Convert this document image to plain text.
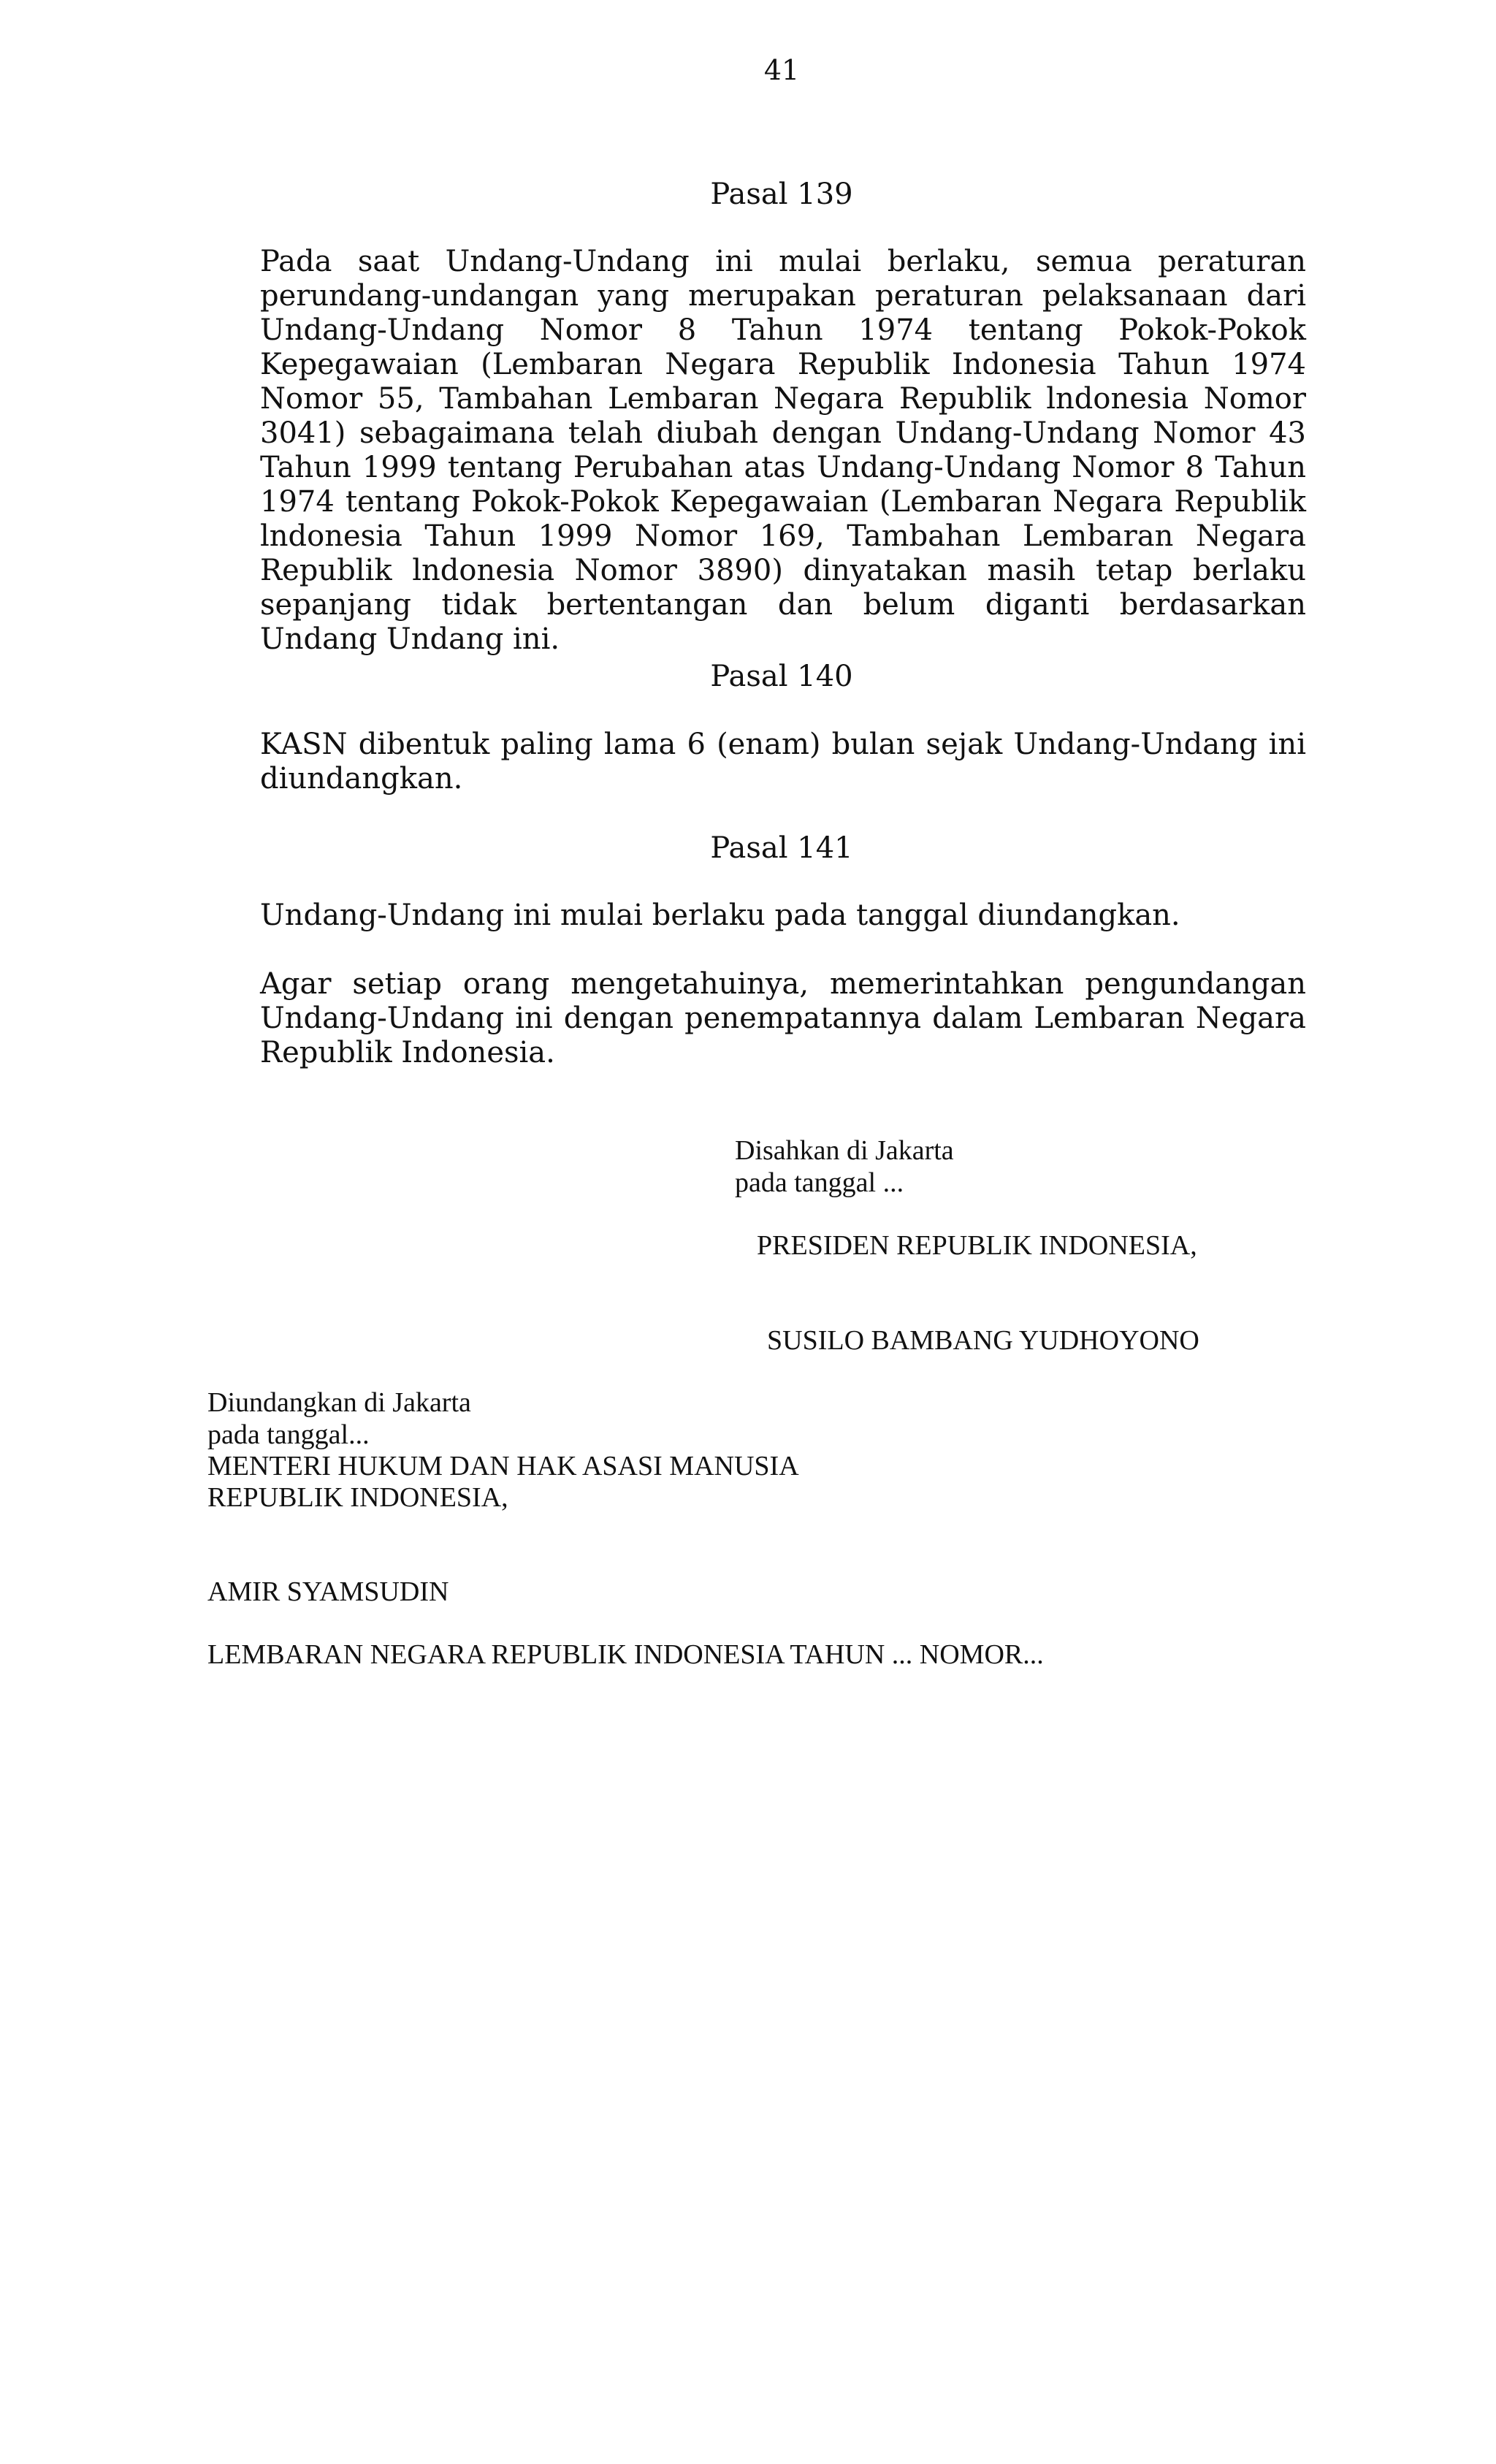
41
Pasal 139

Pada saat Undang-Undang ini mulai berlaku, semua peraturan perundang-undangan yang merupakan peraturan pelaksanaan dari Undang-Undang Nomor 8 Tahun 1974 tentang Pokok-Pokok Kepegawaian (Lembaran Negara Republik Indonesia Tahun 1974 Nomor 55, Tambahan Lembaran Negara Republik lndonesia Nomor 3041) sebagaimana telah diubah dengan Undang-Undang Nomor 43 Tahun 1999 tentang Perubahan atas Undang-Undang Nomor 8 Tahun 1974 tentang Pokok-Pokok Kepegawaian (Lembaran Negara Republik lndonesia Tahun 1999 Nomor 169, Tambahan Lembaran Negara Republik lndonesia Nomor 3890) dinyatakan masih tetap berlaku sepanjang tidak bertentangan dan belum diganti berdasarkan Undang Undang ini.

Pasal 140

KASN dibentuk paling lama 6 (enam) bulan sejak Undang-Undang ini diundangkan.

Pasal 141

Undang-Undang ini mulai berlaku pada tanggal diundangkan.

Agar setiap orang mengetahuinya, memerintahkan pengundangan Undang-Undang ini dengan penempatannya dalam Lembaran Negara Republik Indonesia.

Disahkan di Jakarta
pada tanggal ...
PRESIDEN REPUBLIK INDONESIA,
SUSILO BAMBANG YUDHOYONO
Diundangkan di Jakarta
pada tanggal...
MENTERI HUKUM DAN HAK ASASI MANUSIA
REPUBLIK INDONESIA,
AMIR SYAMSUDIN
LEMBARAN NEGARA REPUBLIK INDONESIA TAHUN ... NOMOR...
